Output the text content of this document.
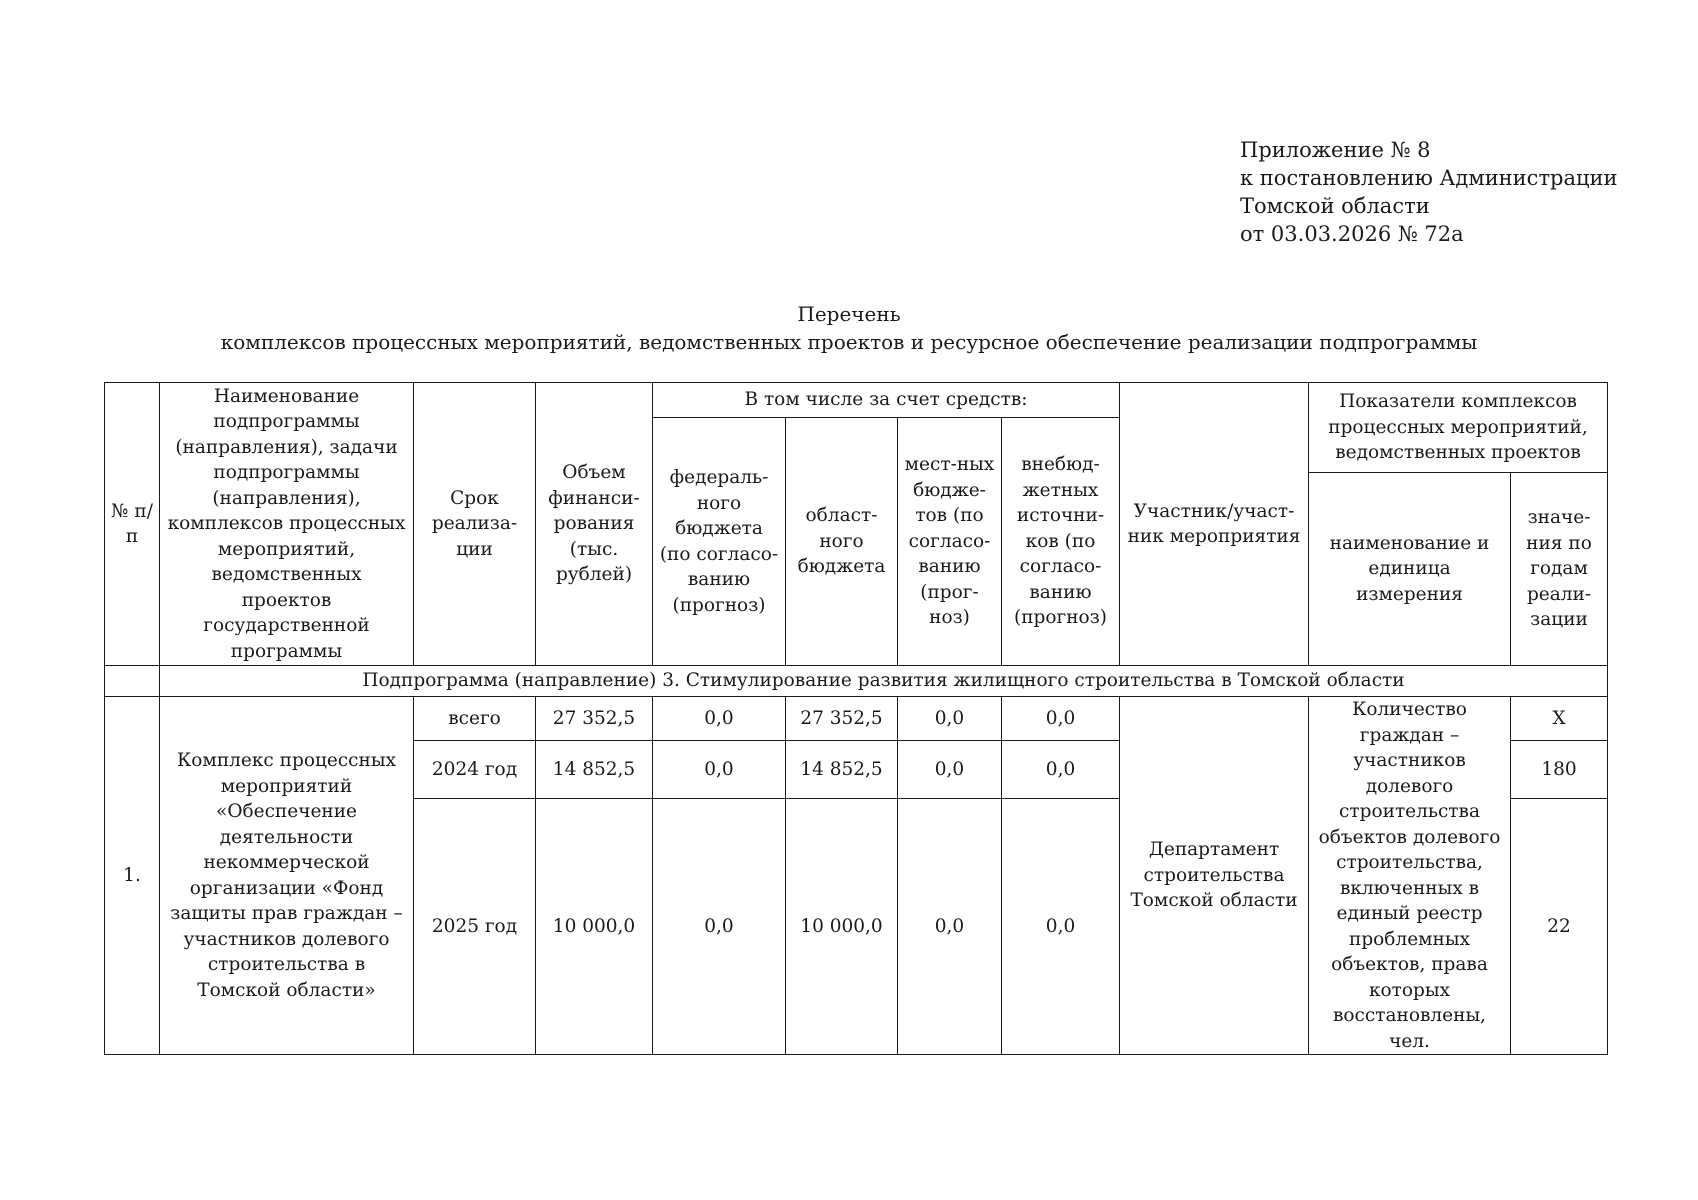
Приложение № 8
к постановлению Администрации
Томской области
от 03.03.2026 № 72а
Перечень
комплексов процессных мероприятий, ведомственных проектов и ресурсное обеспечение реализации подпрограммы
№ п/п	Наименование подпрограммы (направления), задачи подпрограммы (направления), комплексов процессных мероприятий, ведомственных проектов государственной программы	Срок реализа-ции	Объем финанси-рования (тыс. рублей)	В том числе за счет средств:				Участник/участ-ник мероприятия	Показатели комплексов процессных мероприятий, ведомственных проектов	
				федераль-ного бюджета (по согласо-ванию (прогноз)	област-ного бюджета	мест-ных бюдже-тов (по согласо-ванию (прог-ноз)	внебюд-жетных источни-ков (по согласо-ванию (прогноз)			
									наименование и единица измерения	значе-ния по годам реали-зации
	Подпрограмма (направление) 3. Стимулирование развития жилищного строительства в Томской области									
1.	Комплекс процессных мероприятий «Обеспечение деятельности некоммерческой организации «Фонд защиты прав граждан – участников долевого строительства в Томской области»	всего	27 352,5	0,0	27 352,5	0,0	0,0	Департамент строительства Томской области	Количество граждан – участников долевого строительства объектов долевого строительства, включенных в единый реестр проблемных объектов, права которых восстановлены, чел.	Х
		2024 год	14 852,5	0,0	14 852,5	0,0	0,0			180
		2025 год	10 000,0	0,0	10 000,0	0,0	0,0			22
